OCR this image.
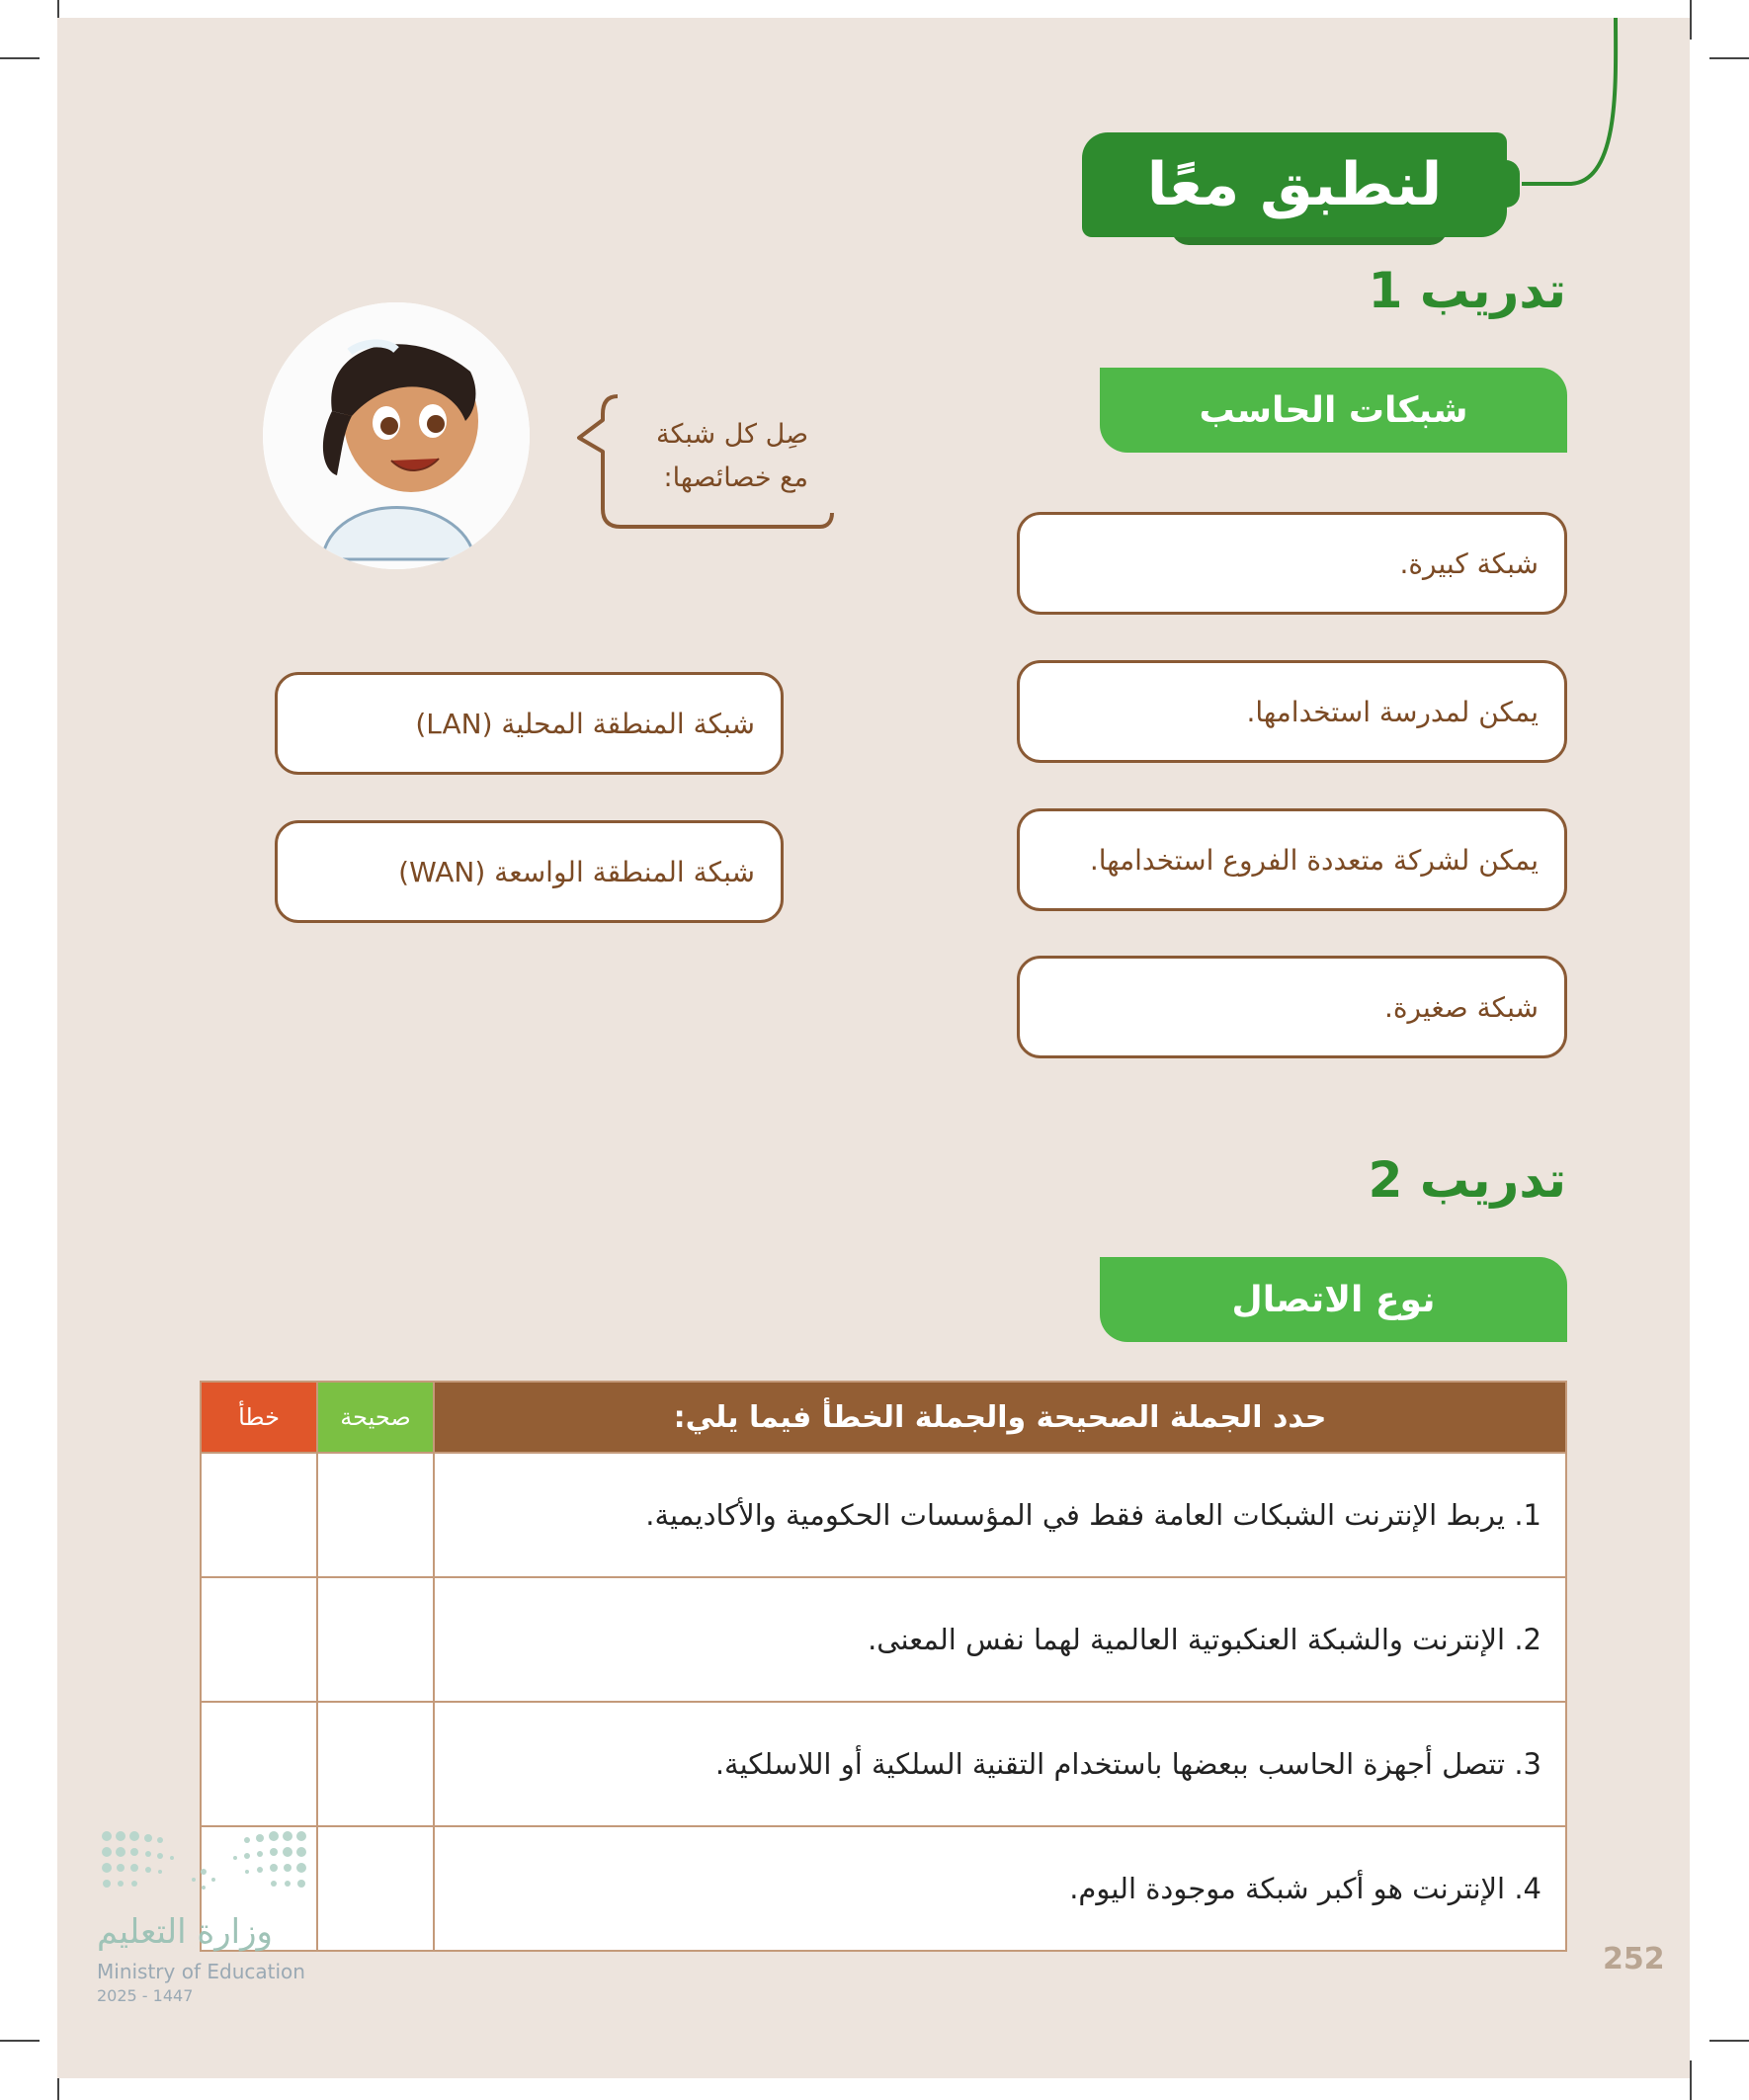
لنطبق معًا
تدريب 1
شبكات الحاسب
صِل كل شبكة
مع خصائصها:
شبكة كبيرة.
يمكن لمدرسة استخدامها.
يمكن لشركة متعددة الفروع استخدامها.
شبكة صغيرة.
شبكة المنطقة المحلية (LAN)
شبكة المنطقة الواسعة (WAN)
تدريب 2
نوع الاتصال
خطأ	صحيحة	حدد الجملة الصحيحة والجملة الخطأ فيما يلي:
		1. يربط الإنترنت الشبكات العامة فقط في المؤسسات الحكومية والأكاديمية.
		2. الإنترنت والشبكة العنكبوتية العالمية لهما نفس المعنى.
		3. تتصل أجهزة الحاسب ببعضها باستخدام التقنية السلكية أو اللاسلكية.
		4. الإنترنت هو أكبر شبكة موجودة اليوم.
وزارة التعليم
Ministry of Education
2025 - 1447
252
